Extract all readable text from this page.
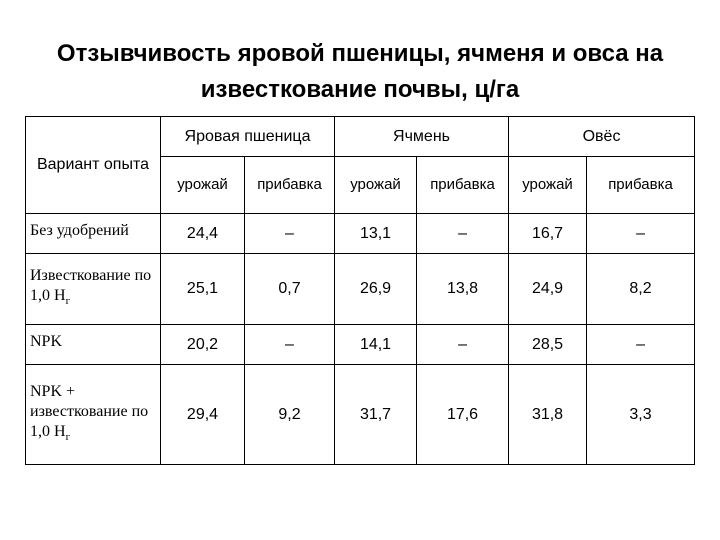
Отзывчивость яровой пшеницы, ячменя и овса на
известкование почвы, ц/га
Вариант опыта	Яровая пшеница		Ячмень		Овёс	
	урожай	прибавка	урожай	прибавка	урожай	прибавка
Без удобрений	24,4	–	13,1	–	16,7	–
Известкование по 1,0 $Н_г$	25,1	0,7	26,9	13,8	24,9	8,2
NPK	20,2	–	14,1	–	28,5	–
NPK + известкование по 1,0 $Н_г$	29,4	9,2	31,7	17,6	31,8	3,3
